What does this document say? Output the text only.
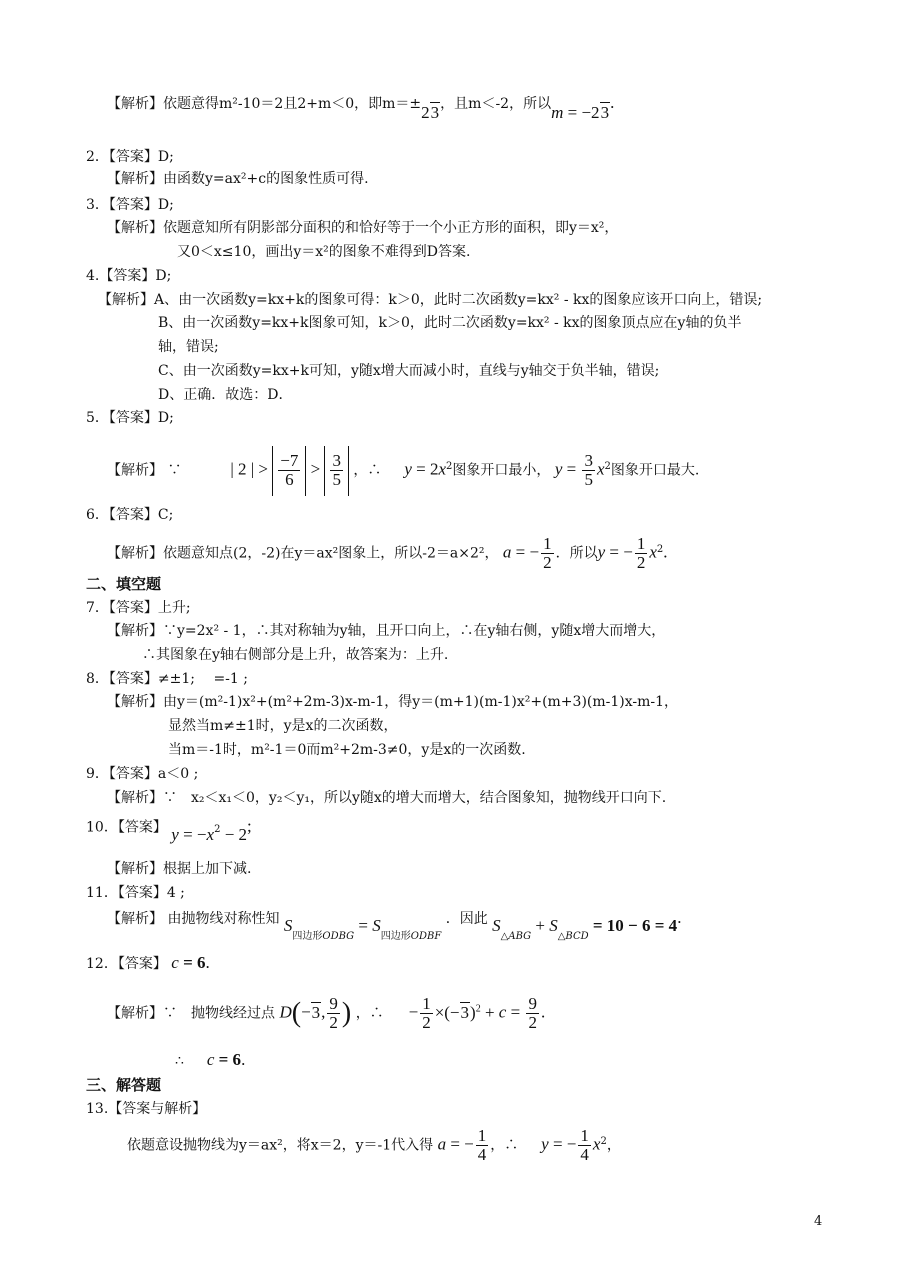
【解析】依题意得m²-10＝2且2+m＜0，即m＝±23，且m＜-2，所以m = −23.
2．【答案】D;
【解析】由函数y=ax²+c的图象性质可得.
3．【答案】D;
【解析】依题意知所有阴影部分面积的和恰好等于一个小正方形的面积，即y＝x²，
又0＜x≤10，画出y＝x²的图象不难得到D答案.
4.【答案】D;
【解析】A、由一次函数y=kx+k的图象可得：k＞0，此时二次函数y=kx² - kx的图象应该开口向上，错误;
B、由一次函数y=kx+k图象可知，k＞0，此时二次函数y=kx² - kx的图象顶点应在y轴的负半
轴，错误;
C、由一次函数y=kx+k可知，y随x增大而减小时，直线与y轴交于负半轴，错误;
D、正确．故选：D．
5．【答案】D;
【解析】 ∵	| 2 | > $\frac{-7}{6} > \frac{3}{5}$ ，∴ $y = 2x^2$图象开口最小， $y = \frac{3}{5} x^2$图象开口最大.
6．【答案】C;
【解析】依题意知点(2，-2)在y＝ax²图象上，所以-2＝a×2²， a = − $\frac{1}{2}$ ．所以y = − $\frac{1}{2} x^2$.
二、填空题
7．【答案】上升;
【解析】∵y=2x² - 1，∴其对称轴为y轴，且开口向上，∴在y轴右侧，y随x增大而增大，
∴其图象在y轴右侧部分是上升，故答案为：上升.
8．【答案】≠±1;　 =-1 ;
【解析】由y＝(m²-1)x²+(m²+2m-3)x-m-1，得y＝(m+1)(m-1)x²+(m+3)(m-1)x-m-1，
显然当m≠±1时，y是x的二次函数，
当m＝-1时，m²-1＝0而m²+2m-3≠0，y是x的一次函数.
9．【答案】a＜0 ;
【解析】∵　x₂＜x₁＜0，y₂＜y₁，所以y随x的增大而增大，结合图象知，抛物线开口向下.
10．【答案】 $y = -x^2 - 2$;
【解析】根据上加下减.
11．【答案】4 ;
【解析】 由抛物线对称性知 $S_{四边形ODBG} = S_{四边形ODBF}$ ．因此 $S_{\triangle ABG} + S_{\triangle BCD} = 10 - 6 = 4$.
12．【答案】 c = 6.
【解析】∵　抛物线经过点 D(−3, $\frac{9}{2}$ ) ，∴ − $\frac{1}{2} \times(-3)^2 + c = \frac{9}{2}$ .
∴ c = 6.
三、解答题
13.【答案与解析】
依题意设抛物线为y＝ax²，将x＝2，y＝-1代入得 a = − $\frac{1}{4}$ ，∴ y = − $\frac{1}{4} x^2$，
4
